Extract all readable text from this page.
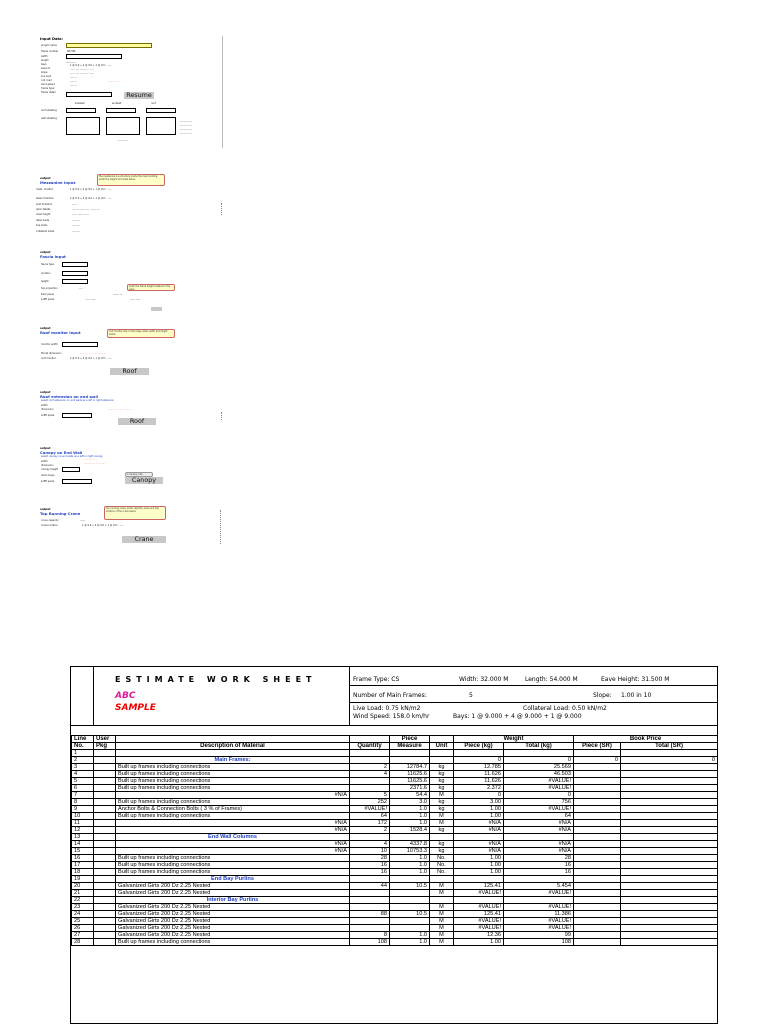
Input Data:
project name
frame number	NO SEL
width
length	________
bays	1 @ 9.0 + 4 @ 9.0 + 1 @ 9.0 :: ----
eave ht	---- - ---- ---- ---- : - - -
slope	---- - ---- ---- ---- : ----
live load	---- ---
coll. load	---- ---	- - - - - - - -
wind speed	---- ---
frame type
frame detail	Resume
sidewall	endwall	roof
roof sheeting
wall sheeting
---- ---- ----
---- ---- ----
---- ---- ----
---- ---- ----
-------- ---
output
Mezzanine Input
the mezzanine is a structure inside the main building; enter the height and loads below
mezz. location	1 @ 9.0 + 4 @ 9.0 + 1 @ 9.0 :: ----
beam direction	1 @ 9.0 + 4 @ 9.0 + 1 @ 9.0 :: ----
joist direction	---- -
deck details	---- --- ------ ---- - ------ ---
clear height	---- - ------ --- --
dead loads	---- ----
live loads	---- ----
collateral loads	---- ----
output
Fascia input
fascia type
location
height
enter the fascia height relative to the eave
top projection	--- -
back panel	------- ---
soffit panel	------ ------	------ -----
output
Roof monitor input	roof monitor sits on the ridge; enter width and height below
monitor width
throat dimension	- - - - - - - - - - - - - - - - - -
roof monitor	1 @ 9.0 + 4 @ 9.0 + 1 @ 9.0 :: ----
Roof
output
Roof extension on end wall
select roof extension on end walls as a left or right extension
width
dimension	- - - - - - - - - - - - - - - -
soffit panel
Roof
output
Canopy on End Wall
select canopy on end walls as a left or right canopy
width
- - - - - - - - -
dimension
- - - - - - - - - - - - - - -
canopy height
down slope
soffit panel
a canopy note
Canopy
output
Top Running Crane
top running crane; enter capacity, span and bay location of the crane below
crane capacity	------
crane location	1 @ 9.0 + 4 @ 9.0 + 1 @ 9.0 :: ----
Crane
ESTIMATE WORK SHEET
ABC
SAMPLE
Frame Type: CS	Width: 32.000 M	Length: 54.000 M	Eave Height: 31.500 M
Number of Main Frames:	5	Slope: 1.00 in 10
Live Load: 0.75 kN/m2	Collateral Load: 0.50 kN/m2
Wind Speed: 158.0 km/hr	Bays: 1 @ 9.000 + 4 @ 9.000 + 1 @ 9.000
Line	User			Piece		Weight		Book Price	
No.	Pkg	Description of Material	Quantity	Measure	Unit	Piece (kg)	Total (kg)	Piece (SR)	Total (SR)
1									
2		Main Frames:				0	0	0	0
3		Built up frames including connections	2	12784.7	kg	12.785	25.569		
4		Built up frames including connections	4	11625.6	kg	11.626	46.503		
5		Built up frames including connections		11625.6	kg	11.626	#VALUE!		
6		Built up frames including connections		2371.6	kg	2.372	#VALUE!		
7		#N/A	5	54.4	M	0	0		
8		Built up frames including connections	252	3.0	kg	3.00	756		
9		Anchor Bolts & Connection Bolts ( 3 % of Frames)	#VALUE!	1.0	kg	1.00	#VALUE!		
10		Built up frames including connections	64	1.0	M	1.00	64		
11		#N/A	172	1.0	M	#N/A	#N/A		
12		#N/A	2	1528.4	kg	#N/A	#N/A		
13		End Wall Columns							
14		#N/A	4	4337.8	kg	#N/A	#N/A		
15		#N/A	10	10753.3	kg	#N/A	#N/A		
16		Built up frames including connections	28	1.0	No.	1.00	28		
17		Built up frames including connections	16	1.0	No.	1.00	16		
18		Built up frames including connections	16	1.0	No.	1.00	16		
19		End Bay Purlins							
20		Galvanized Girts 200 Dz 2.25 Nested	44	10.5	M	125.41	5.454		
21		Galvanized Girts 200 Dz 2.25 Nested			M	#VALUE!	#VALUE!		
22		Interior Bay Purlins							
23		Galvanized Girts 200 Dz 2.25 Nested			M	#VALUE!	#VALUE!		
24		Galvanized Girts 200 Dz 2.25 Nested	88	10.5	M	125.41	11.386		
25		Galvanized Girts 200 Dz 2.25 Nested			M	#VALUE!	#VALUE!		
26		Galvanized Girts 200 Dz 2.25 Nested			M	#VALUE!	#VALUE!		
27		Galvanized Girts 200 Dz 2.25 Nested	8	1.0	M	12.36	99		
28		Built up frames including connections	108	1.0	M	1.00	108		
